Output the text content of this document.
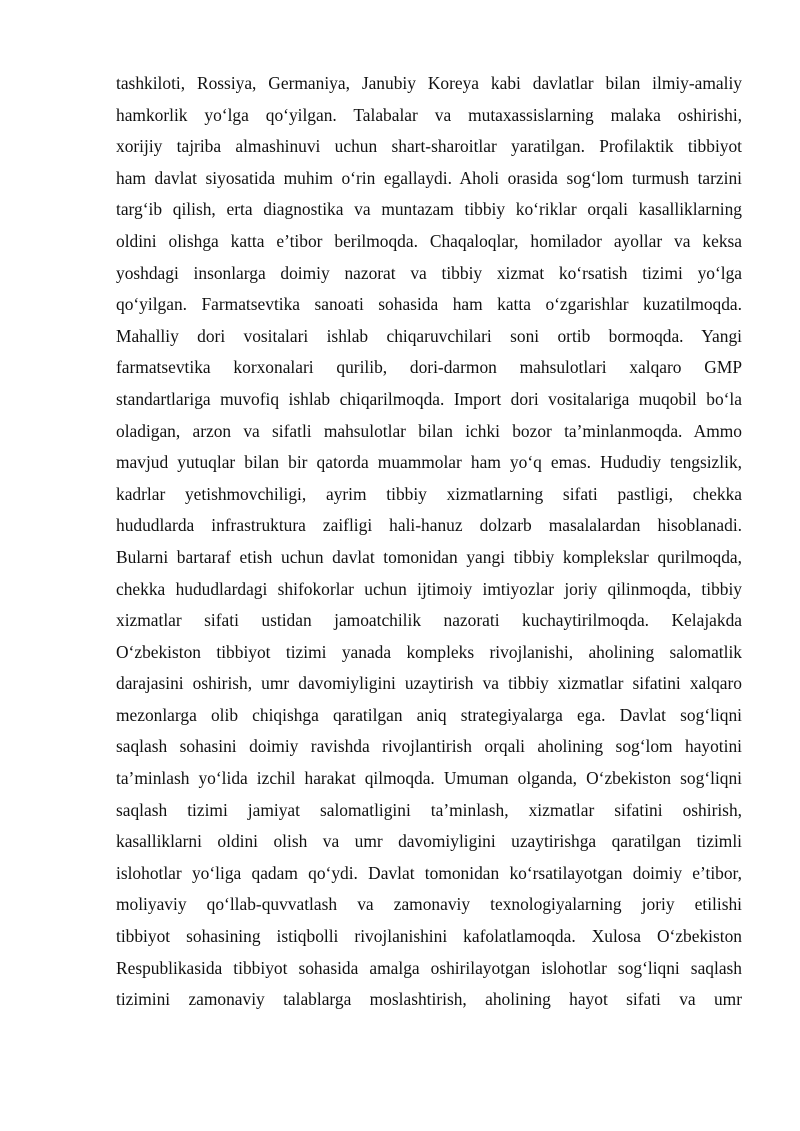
tashkiloti, Rossiya, Germaniya, Janubiy Koreya kabi davlatlar bilan ilmiy-amaliy
hamkorlik yo‘lga qo‘yilgan. Talabalar va mutaxassislarning malaka oshirishi,
xorijiy tajriba almashinuvi uchun shart-sharoitlar yaratilgan. Profilaktik tibbiyot
ham davlat siyosatida muhim o‘rin egallaydi. Aholi orasida sog‘lom turmush tarzini
targ‘ib qilish, erta diagnostika va muntazam tibbiy ko‘riklar orqali kasalliklarning
oldini olishga katta e’tibor berilmoqda. Chaqaloqlar, homilador ayollar va keksa
yoshdagi insonlarga doimiy nazorat va tibbiy xizmat ko‘rsatish tizimi yo‘lga
qo‘yilgan. Farmatsevtika sanoati sohasida ham katta o‘zgarishlar kuzatilmoqda.
Mahalliy dori vositalari ishlab chiqaruvchilari soni ortib bormoqda. Yangi
farmatsevtika korxonalari qurilib, dori-darmon mahsulotlari xalqaro GMP
standartlariga muvofiq ishlab chiqarilmoqda. Import dori vositalariga muqobil bo‘la
oladigan, arzon va sifatli mahsulotlar bilan ichki bozor ta’minlanmoqda. Ammo
mavjud yutuqlar bilan bir qatorda muammolar ham yo‘q emas. Hududiy tengsizlik,
kadrlar yetishmovchiligi, ayrim tibbiy xizmatlarning sifati pastligi, chekka
hududlarda infrastruktura zaifligi hali-hanuz dolzarb masalalardan hisoblanadi.
Bularni bartaraf etish uchun davlat tomonidan yangi tibbiy komplekslar qurilmoqda,
chekka hududlardagi shifokorlar uchun ijtimoiy imtiyozlar joriy qilinmoqda, tibbiy
xizmatlar sifati ustidan jamoatchilik nazorati kuchaytirilmoqda. Kelajakda
O‘zbekiston tibbiyot tizimi yanada kompleks rivojlanishi, aholining salomatlik
darajasini oshirish, umr davomiyligini uzaytirish va tibbiy xizmatlar sifatini xalqaro
mezonlarga olib chiqishga qaratilgan aniq strategiyalarga ega. Davlat sog‘liqni
saqlash sohasini doimiy ravishda rivojlantirish orqali aholining sog‘lom hayotini
ta’minlash yo‘lida izchil harakat qilmoqda. Umuman olganda, O‘zbekiston sog‘liqni
saqlash tizimi jamiyat salomatligini ta’minlash, xizmatlar sifatini oshirish,
kasalliklarni oldini olish va umr davomiyligini uzaytirishga qaratilgan tizimli
islohotlar yo‘liga qadam qo‘ydi. Davlat tomonidan ko‘rsatilayotgan doimiy e’tibor,
moliyaviy qo‘llab-quvvatlash va zamonaviy texnologiyalarning joriy etilishi
tibbiyot sohasining istiqbolli rivojlanishini kafolatlamoqda. Xulosa O‘zbekiston
Respublikasida tibbiyot sohasida amalga oshirilayotgan islohotlar sog‘liqni saqlash
tizimini zamonaviy talablarga moslashtirish, aholining hayot sifati va umr
